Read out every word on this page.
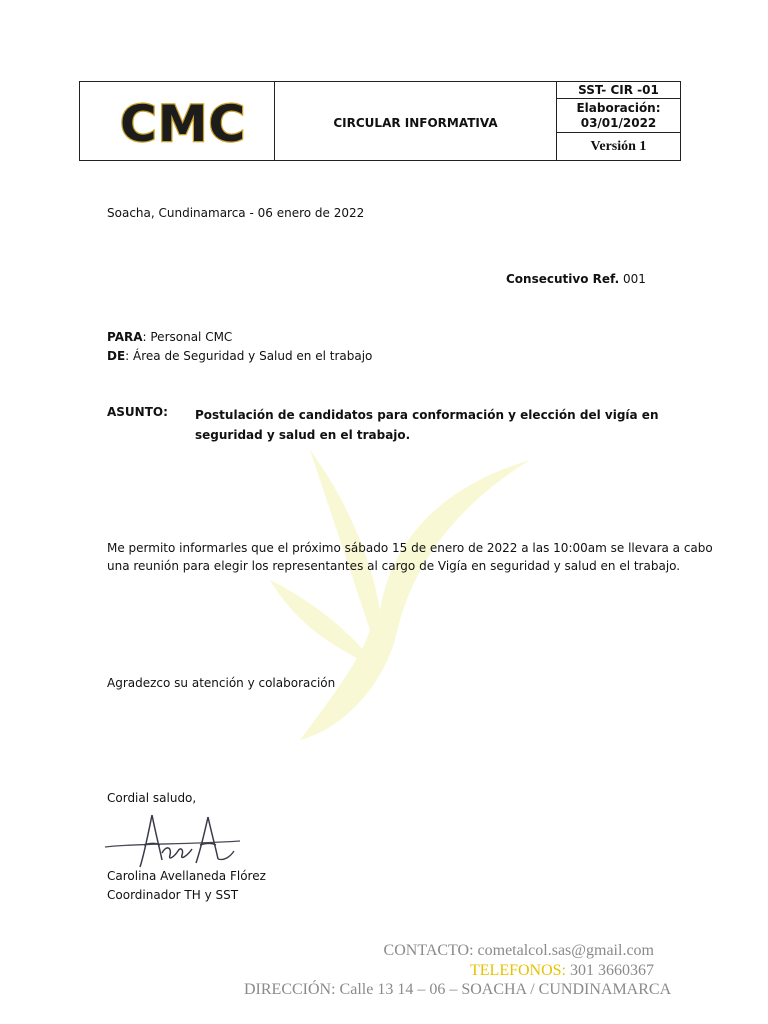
CMC	CIRCULAR INFORMATIVA
SST- CIR -01
Elaboración:
03/01/2022
Versión 1
Soacha, Cundinamarca - 06 enero de 2022
Consecutivo Ref. 001
PARA: Personal CMC
DE: Área de Seguridad y Salud en el trabajo
ASUNTO: Postulación de candidatos para conformación y elección del vigía en seguridad y salud en el trabajo.
Me permito informarles que el próximo sábado 15 de enero de 2022 a las 10:00am se llevara a cabo
una reunión para elegir los representantes al cargo de Vigía en seguridad y salud en el trabajo.
Agradezco su atención y colaboración
Cordial saludo,
Carolina Avellaneda Flórez
Coordinador TH y SST
CONTACTO: cometalcol.sas@gmail.com
TELEFONOS: 301 3660367
DIRECCIÓN: Calle 13 14 – 06 – SOACHA / CUNDINAMARCA
